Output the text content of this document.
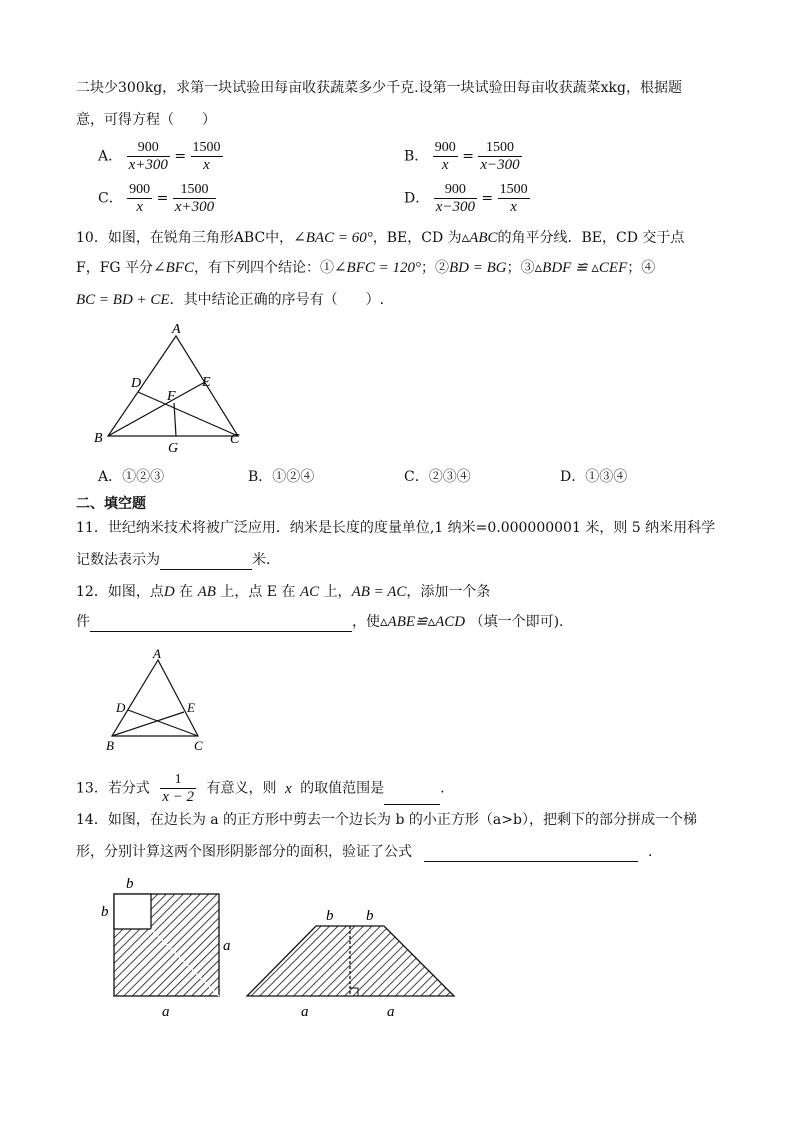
二块少300kg，求第一块试验田每亩收获蔬菜多少千克.设第一块试验田每亩收获蔬菜xkg，根据题
意，可得方程（　　）
A． $\frac{900}{x+300} = \frac{1500}{x}$	B． $\frac{900}{x} = \frac{1500}{x-300}$
C． $\frac{900}{x} = \frac{1500}{x+300}$	D． $\frac{900}{x-300} = \frac{1500}{x}$
10．如图，在锐角三角形ABC中，∠BAC = 60°，BE，CD 为▵ABC的角平分线．BE，CD 交于点
F，FG 平分∠BFC，有下列四个结论：①∠BFC = 120°；②BD = BG；③▵BDF ≌ ▵CEF；④
BC = BD + CE．其中结论正确的序号有（　　）.
A
B	C
D	E
F
G
A．①②③	B．①②④	C．②③④	D．①③④
二、填空题
11．世纪纳米技术将被广泛应用．纳米是长度的度量单位,1 纳米=0.000000001 米，则 5 纳米用科学
记数法表示为	米．
12．如图，点D 在 AB 上，点 E 在 AC 上，AB = AC，添加一个条
件	，使▵ABE≌▵ACD （填一个即可).
A
B	C
D	E
13．若分式 $\frac{1}{x - 2}$ 有意义，则 x 的取值范围是	.
14．如图，在边长为 a 的正方形中剪去一个边长为 b 的小正方形（a>b），把剩下的部分拼成一个梯
形，分别计算这两个图形阴影部分的面积，验证了公式	．
b
b
a
a
b b
a	a
